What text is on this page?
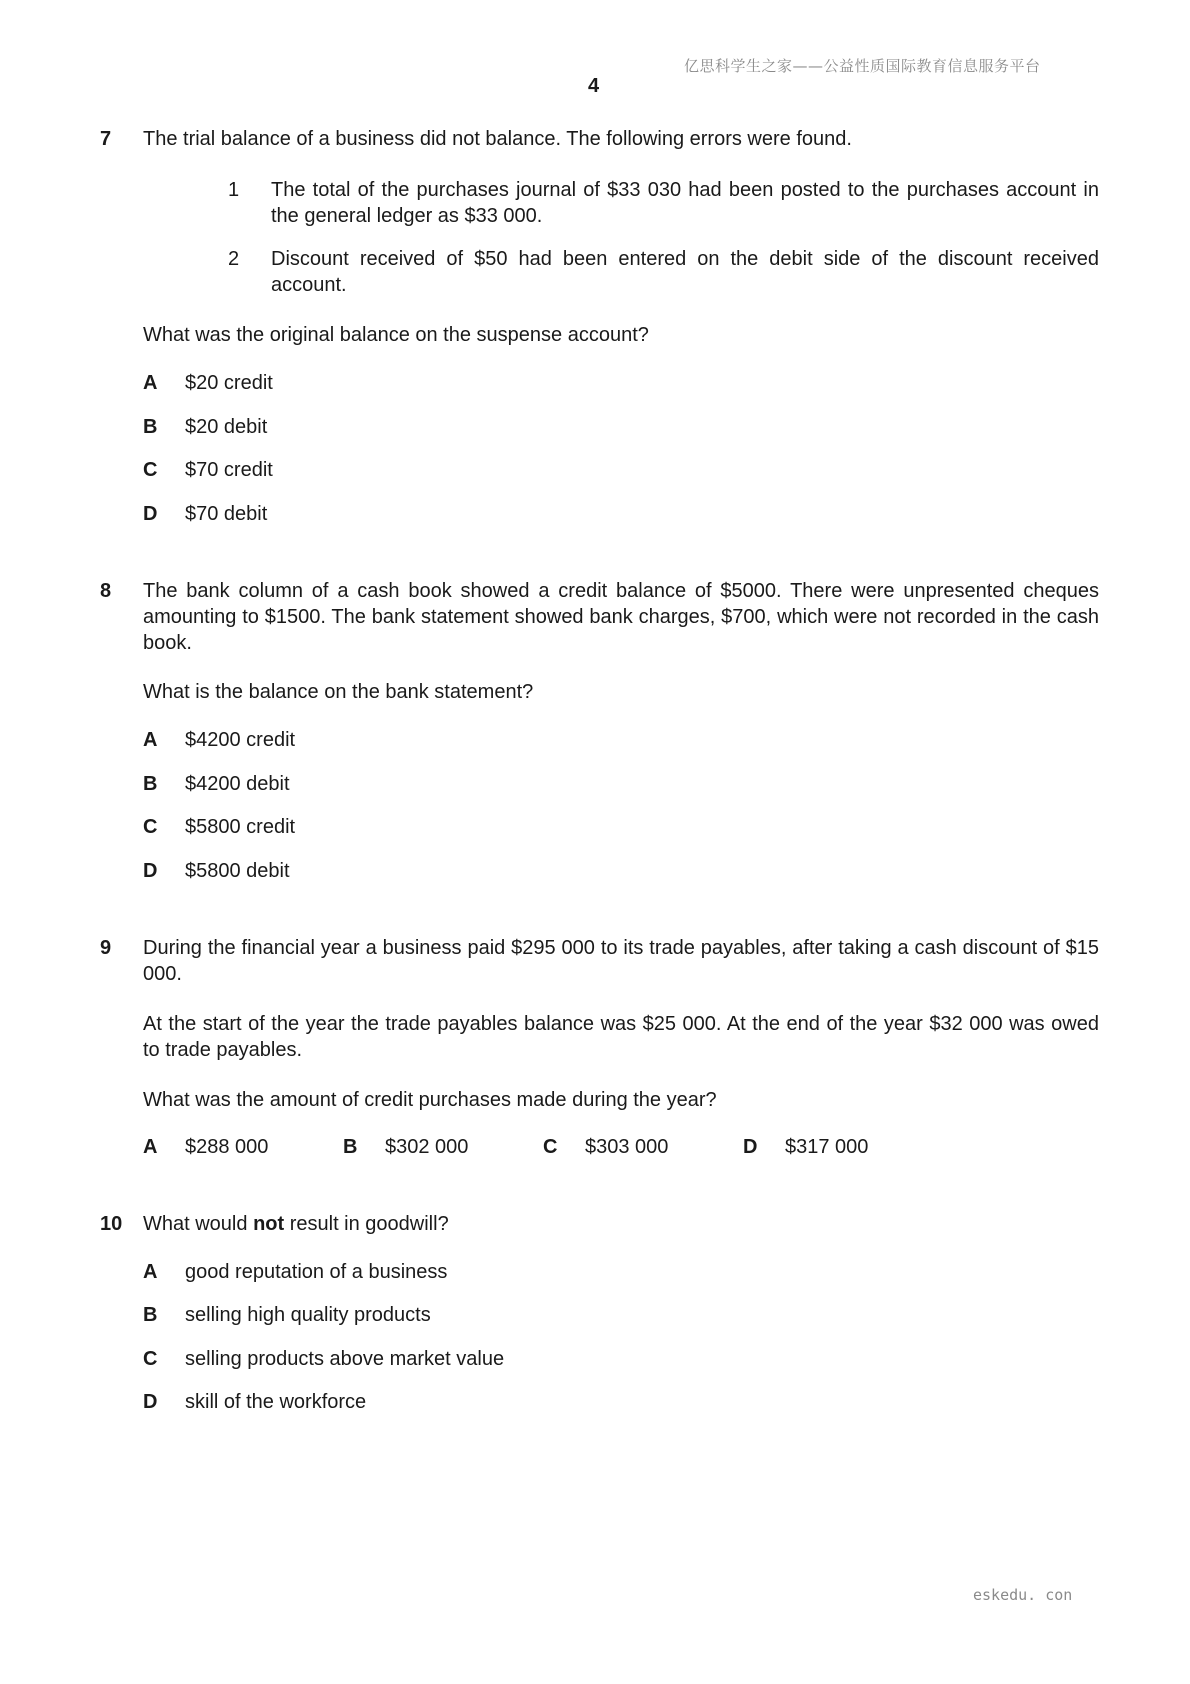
亿思科学生之家——公益性质国际教育信息服务平台
4
7 The trial balance of a business did not balance. The following errors were found.
1 The total of the purchases journal of $33 030 had been posted to the purchases account in the general ledger as $33 000.
2 Discount received of $50 had been entered on the debit side of the discount received account.
What was the original balance on the suspense account?
A $20 credit
B $20 debit
C $70 credit
D $70 debit
8 The bank column of a cash book showed a credit balance of $5000. There were unpresented cheques amounting to $1500. The bank statement showed bank charges, $700, which were not recorded in the cash book.
What is the balance on the bank statement?
A $4200 credit
B $4200 debit
C $5800 credit
D $5800 debit
9 During the financial year a business paid $295 000 to its trade payables, after taking a cash discount of $15 000.
At the start of the year the trade payables balance was $25 000. At the end of the year $32 000 was owed to trade payables.
What was the amount of credit purchases made during the year?
A $288 000	B $302 000	C $303 000	D $317 000
10 What would not result in goodwill?
A good reputation of a business
B selling high quality products
C selling products above market value
D skill of the workforce
eskedu. con
